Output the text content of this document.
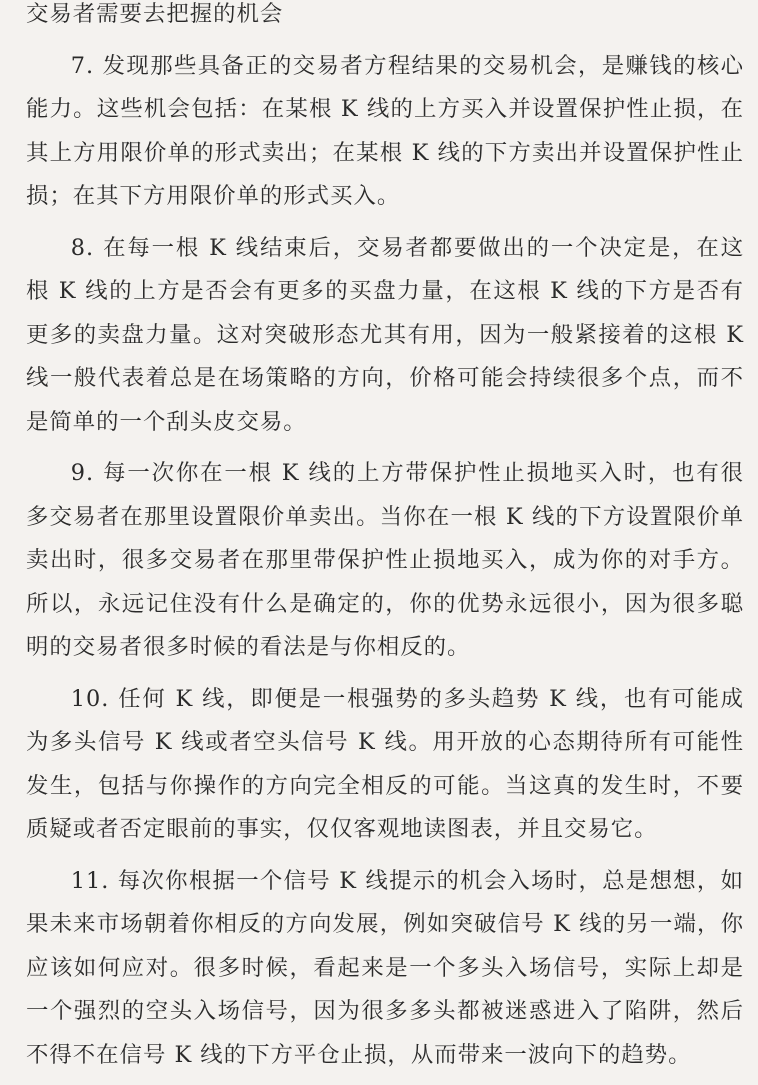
交易者需要去把握的机会

7. 发现那些具备正的交易者方程结果的交易机会，是赚钱的核心能力。这些机会包括：在某根 K 线的上方买入并设置保护性止损，在其上方用限价单的形式卖出；在某根 K 线的下方卖出并设置保护性止损；在其下方用限价单的形式买入。

8. 在每一根 K 线结束后，交易者都要做出的一个决定是，在这根 K 线的上方是否会有更多的买盘力量，在这根 K 线的下方是否有更多的卖盘力量。这对突破形态尤其有用，因为一般紧接着的这根 K 线一般代表着总是在场策略的方向，价格可能会持续很多个点，而不是简单的一个刮头皮交易。

9. 每一次你在一根 K 线的上方带保护性止损地买入时，也有很多交易者在那里设置限价单卖出。当你在一根 K 线的下方设置限价单卖出时，很多交易者在那里带保护性止损地买入，成为你的对手方。所以，永远记住没有什么是确定的，你的优势永远很小，因为很多聪明的交易者很多时候的看法是与你相反的。

10. 任何 K 线，即便是一根强势的多头趋势 K 线，也有可能成为多头信号 K 线或者空头信号 K 线。用开放的心态期待所有可能性发生，包括与你操作的方向完全相反的可能。当这真的发生时，不要质疑或者否定眼前的事实，仅仅客观地读图表，并且交易它。

11. 每次你根据一个信号 K 线提示的机会入场时，总是想想，如果未来市场朝着你相反的方向发展，例如突破信号 K 线的另一端，你应该如何应对。很多时候，看起来是一个多头入场信号，实际上却是一个强烈的空头入场信号，因为很多多头都被迷惑进入了陷阱，然后不得不在信号 K 线的下方平仓止损，从而带来一波向下的趋势。
